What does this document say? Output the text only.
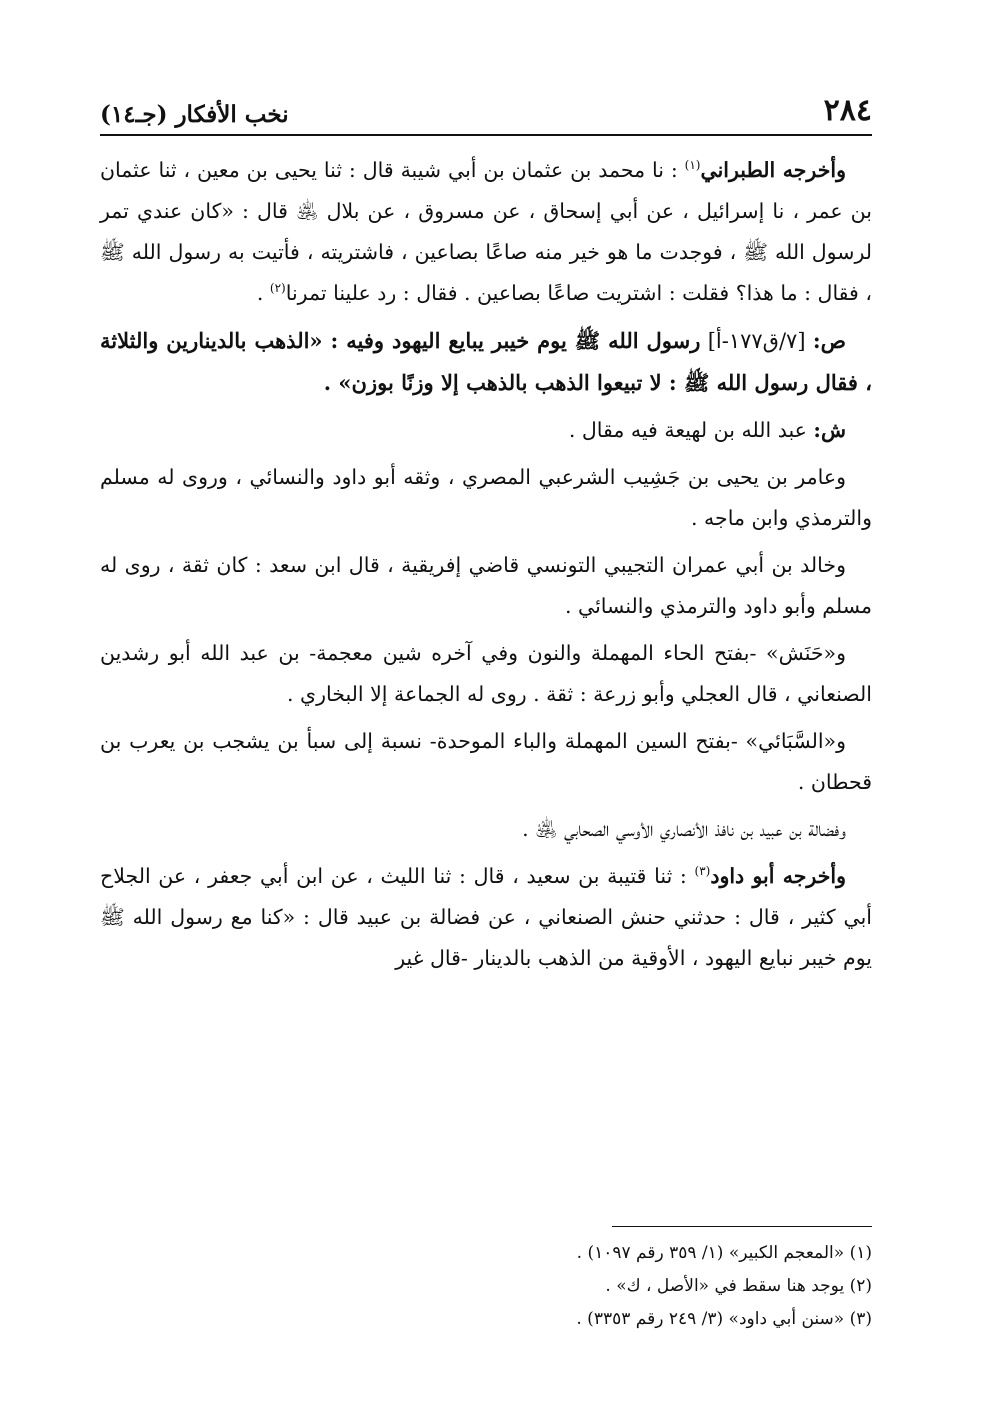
٢٨٤
نخب الأفكار (جـ١٤)

وأخرجه الطبراني$^{(١)}$ : نا محمد بن عثمان بن أبي شيبة قال : ثنا يحيى بن معين ، ثنا عثمان بن عمر ، نا إسرائيل ، عن أبي إسحاق ، عن مسروق ، عن بلال ﵁ قال : «كان عندي تمر لرسول الله ﷺ ، فوجدت ما هو خير منه صاعًا بصاعين ، فاشتريته ، فأتيت به رسول الله ﷺ ، فقال : ما هذا؟ فقلت : اشتريت صاعًا بصاعين . فقال : رد علينا تمرنا$^{(٢)}$ .

ص: [٧/ق١٧٧-أ] رسول الله ﷺ يوم خيبر يبايع اليهود وفيه : «الذهب بالدينارين والثلاثة ، فقال رسول الله ﷺ : لا تبيعوا الذهب بالذهب إلا وزنًا بوزن» .

ش: عبد الله بن لهيعة فيه مقال .

وعامر بن يحيى بن جَشِيب الشرعبي المصري ، وثقه أبو داود والنسائي ، وروى له مسلم والترمذي وابن ماجه .

وخالد بن أبي عمران التجيبي التونسي قاضي إفريقية ، قال ابن سعد : كان ثقة ، روى له مسلم وأبو داود والترمذي والنسائي .

و«حَنَش» -بفتح الحاء المهملة والنون وفي آخره شين معجمة- بن عبد الله أبو رشدين الصنعاني ، قال العجلي وأبو زرعة : ثقة . روى له الجماعة إلا البخاري .

و«السَّبَائي» -بفتح السين المهملة والباء الموحدة- نسبة إلى سبأ بن يشجب بن يعرب بن قحطان .

وفضالة بن عبيد بن نافذ الأنصاري الأوسي الصحابي ﵁ .

وأخرجه أبو داود$^{(٣)}$ : ثنا قتيبة بن سعيد ، قال : ثنا الليث ، عن ابن أبي جعفر ، عن الجلاح أبي كثير ، قال : حدثني حنش الصنعاني ، عن فضالة بن عبيد قال : «كنا مع رسول الله ﷺ يوم خيبر نبايع اليهود ، الأوقية من الذهب بالدينار -قال غير

(١) «المعجم الكبير» (١/ ٣٥٩ رقم ١٠٩٧) .

(٢) يوجد هنا سقط في «الأصل ، ك» .

(٣) «سنن أبي داود» (٣/ ٢٤٩ رقم ٣٣٥٣) .
